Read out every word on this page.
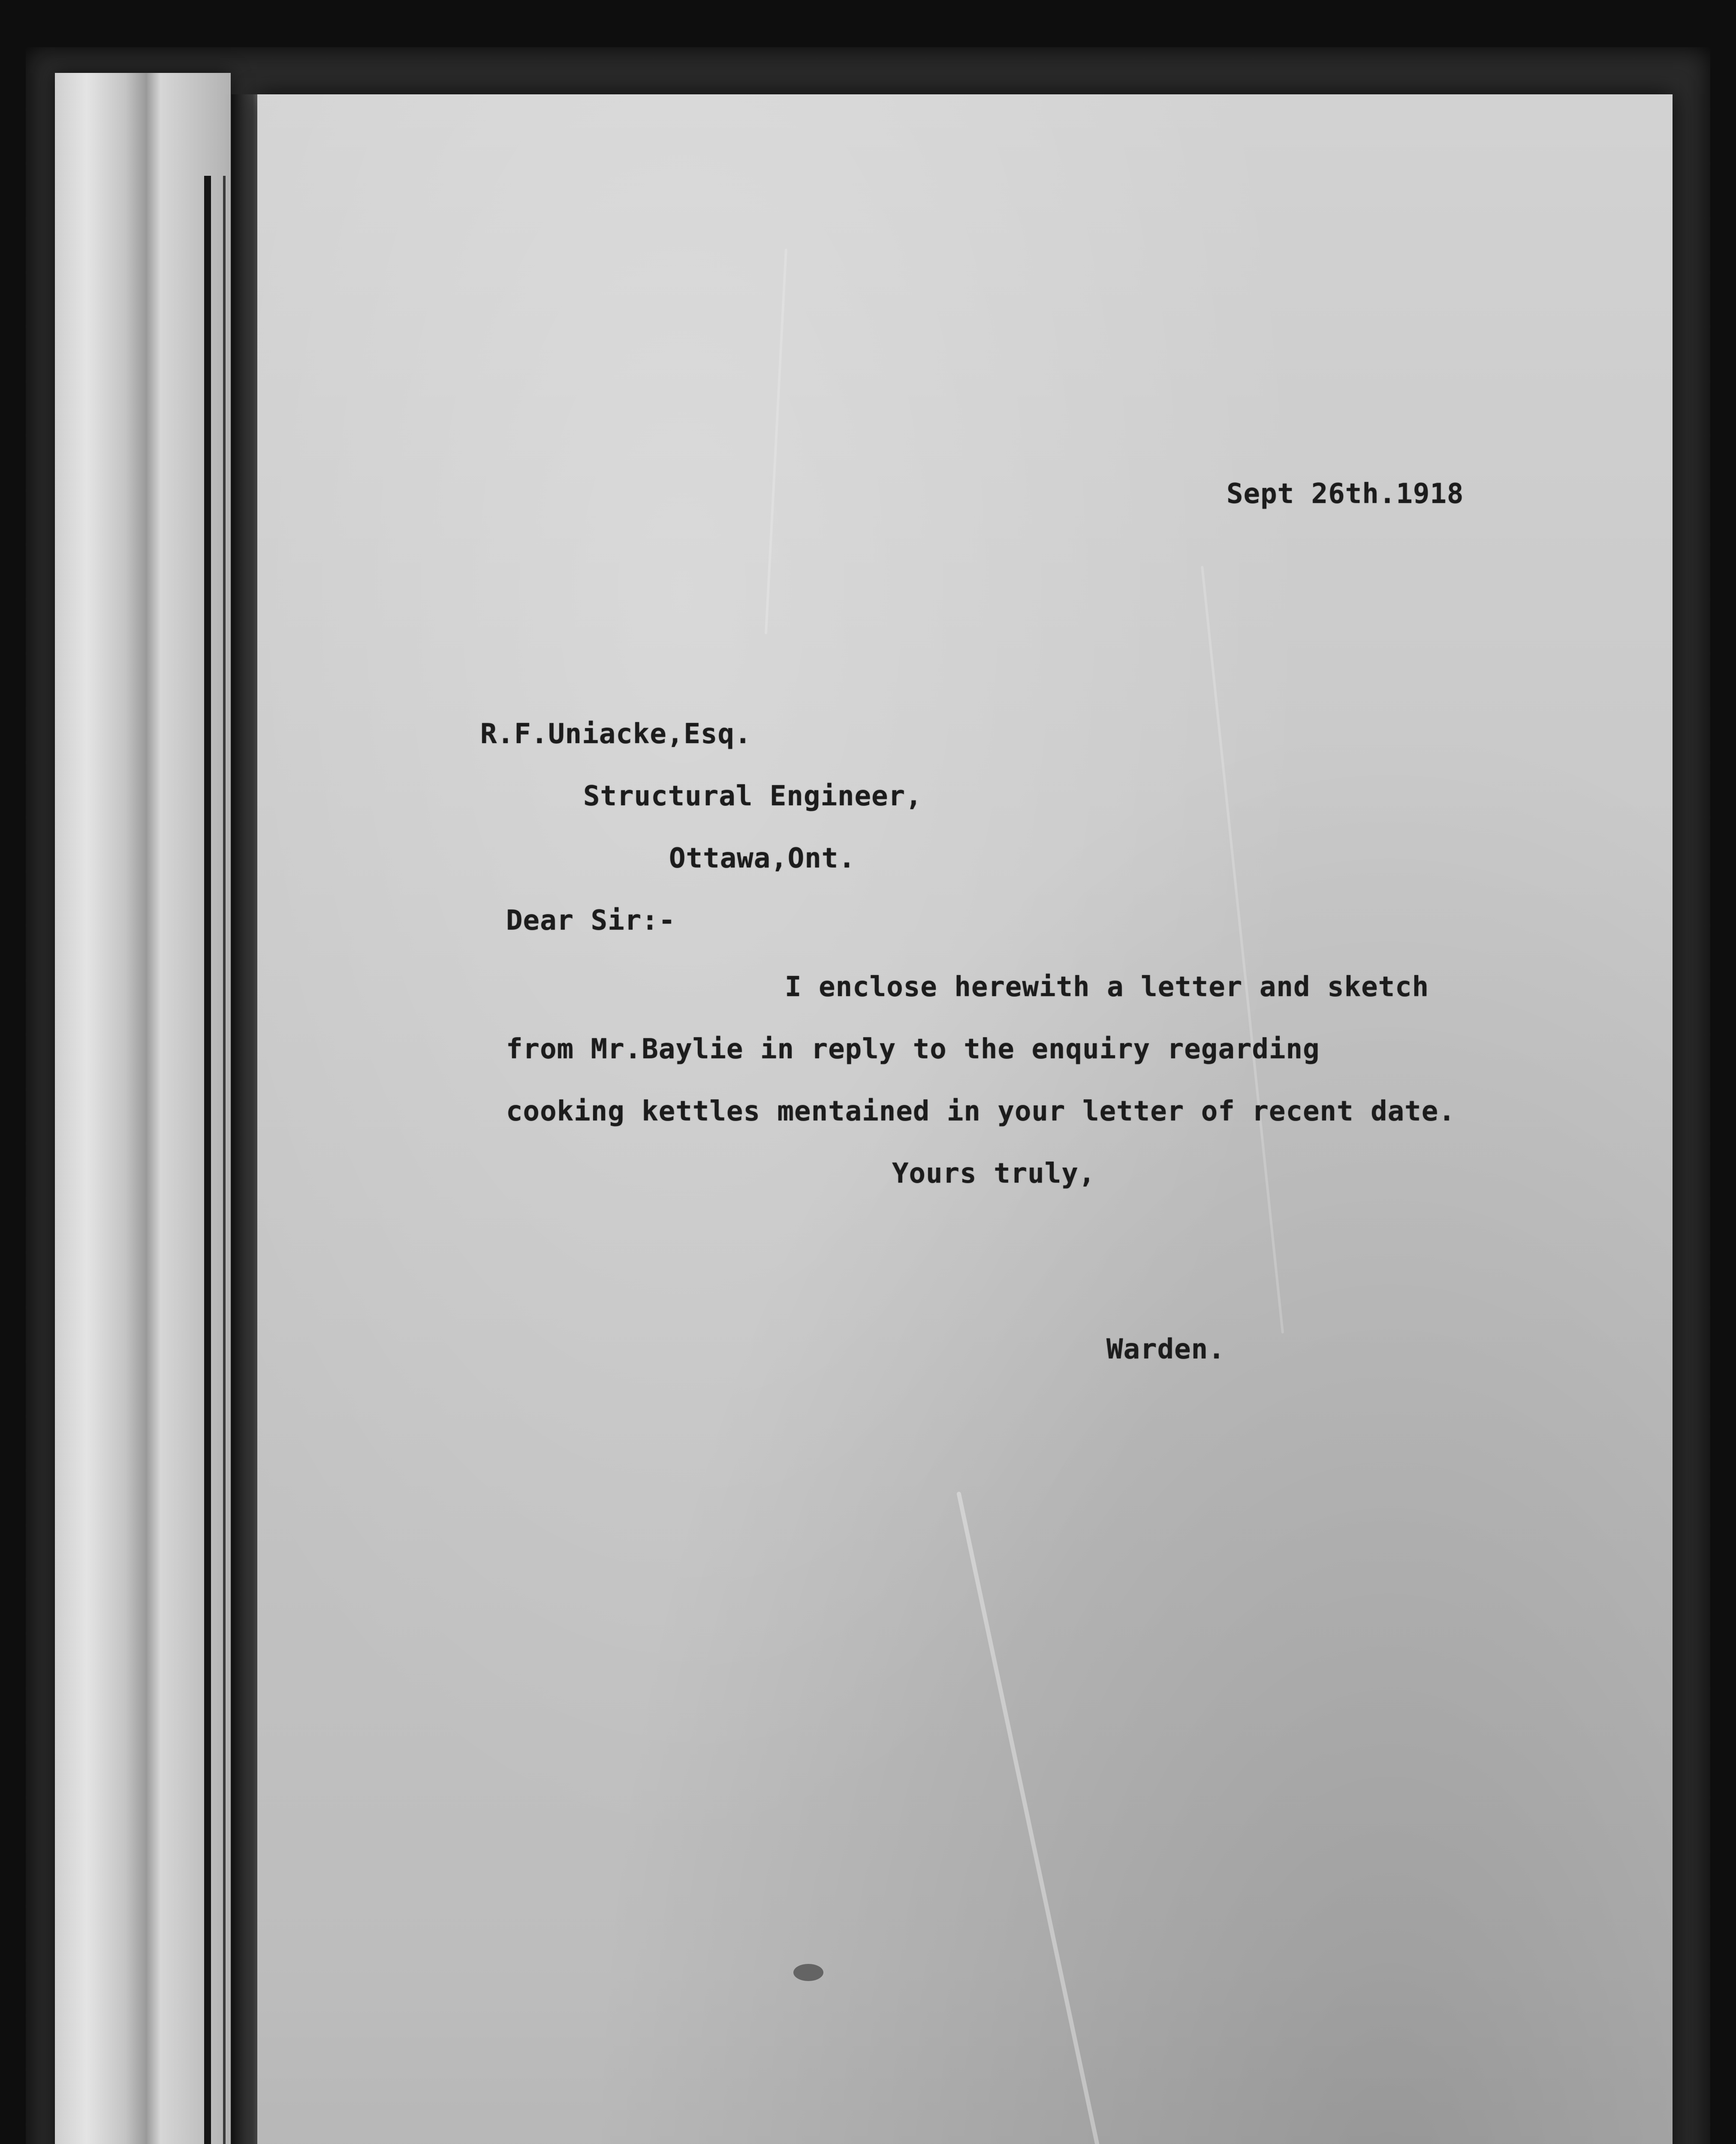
Sept 26th.1918
R.F.Uniacke,Esq.
Structural Engineer,
Ottawa,Ont.
Dear Sir:-
I enclose herewith a letter and sketch
from Mr.Baylie in reply to the enquiry regarding
cooking kettles mentained in your letter of recent date.
Yours truly,
Warden.
